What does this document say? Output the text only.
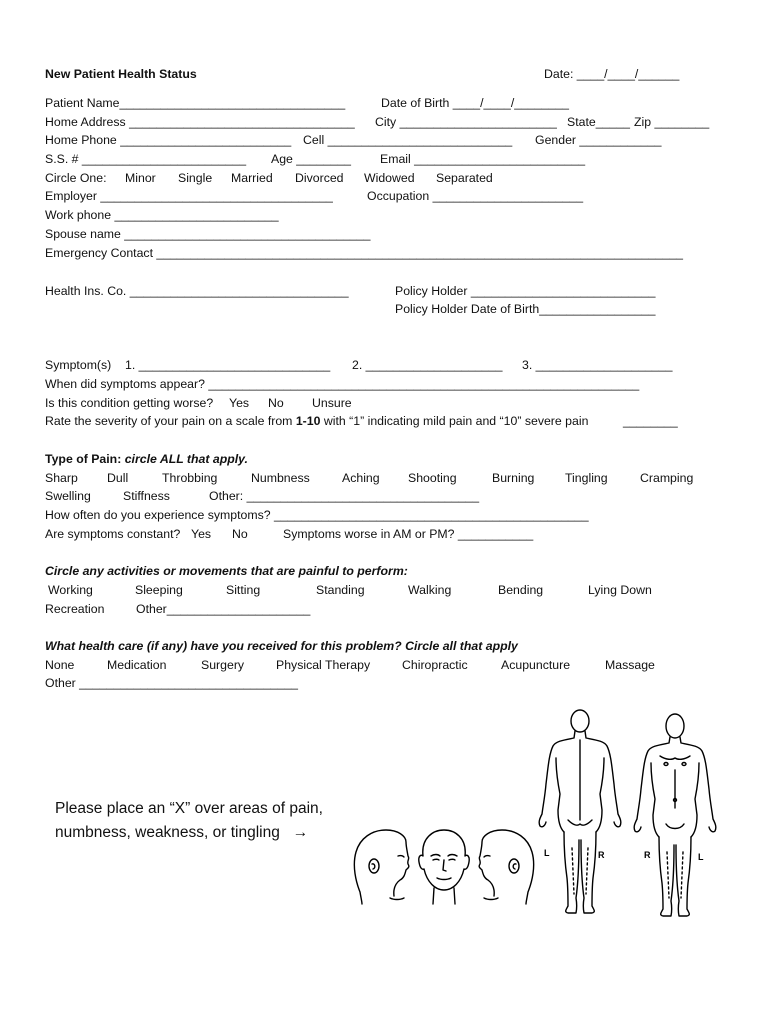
New Patient Health Status	Date: ____/____/______
Patient Name_________________________________	Date of Birth ____/____/________
Home Address _________________________________ City _______________________ State_____ Zip ________
Home Phone _________________________ Cell ___________________________ Gender ____________
S.S. # ________________________ Age ________ Email _________________________
Circle One: Minor Single Married Divorced Widowed Separated
Employer __________________________________	Occupation ______________________
Work phone ________________________
Spouse name ____________________________________
Emergency Contact _____________________________________________________________________________
Health Ins. Co. ________________________________	Policy Holder ___________________________
Policy Holder Date of Birth_________________
Symptom(s) 1. ____________________________ 2. ____________________ 3. ____________________
When did symptoms appear? _______________________________________________________________
Is this condition getting worse? Yes No Unsure
Rate the severity of your pain on a scale from 1-10 with “1” indicating mild pain and “10” severe pain	________
Type of Pain: circle ALL that apply.
Sharp Dull	Throbbing	Numbness	Aching Shooting	Burning Tingling	Cramping
Swelling	Stiffness	Other: __________________________________
How often do you experience symptoms? ______________________________________________
Are symptoms constant? Yes No	Symptoms worse in AM or PM? ___________
Circle any activities or movements that are painful to perform:
Working	Sleeping	Sitting	Standing	Walking	Bending	Lying Down
Recreation	Other_____________________
What health care (if any) have you received for this problem? Circle all that apply
None	Medication	Surgery	Physical Therapy	Chiropractic	Acupuncture	Massage
Other ________________________________
Please place an “X” over areas of pain,
numbness, weakness, or tingling →
L	R	R	L
